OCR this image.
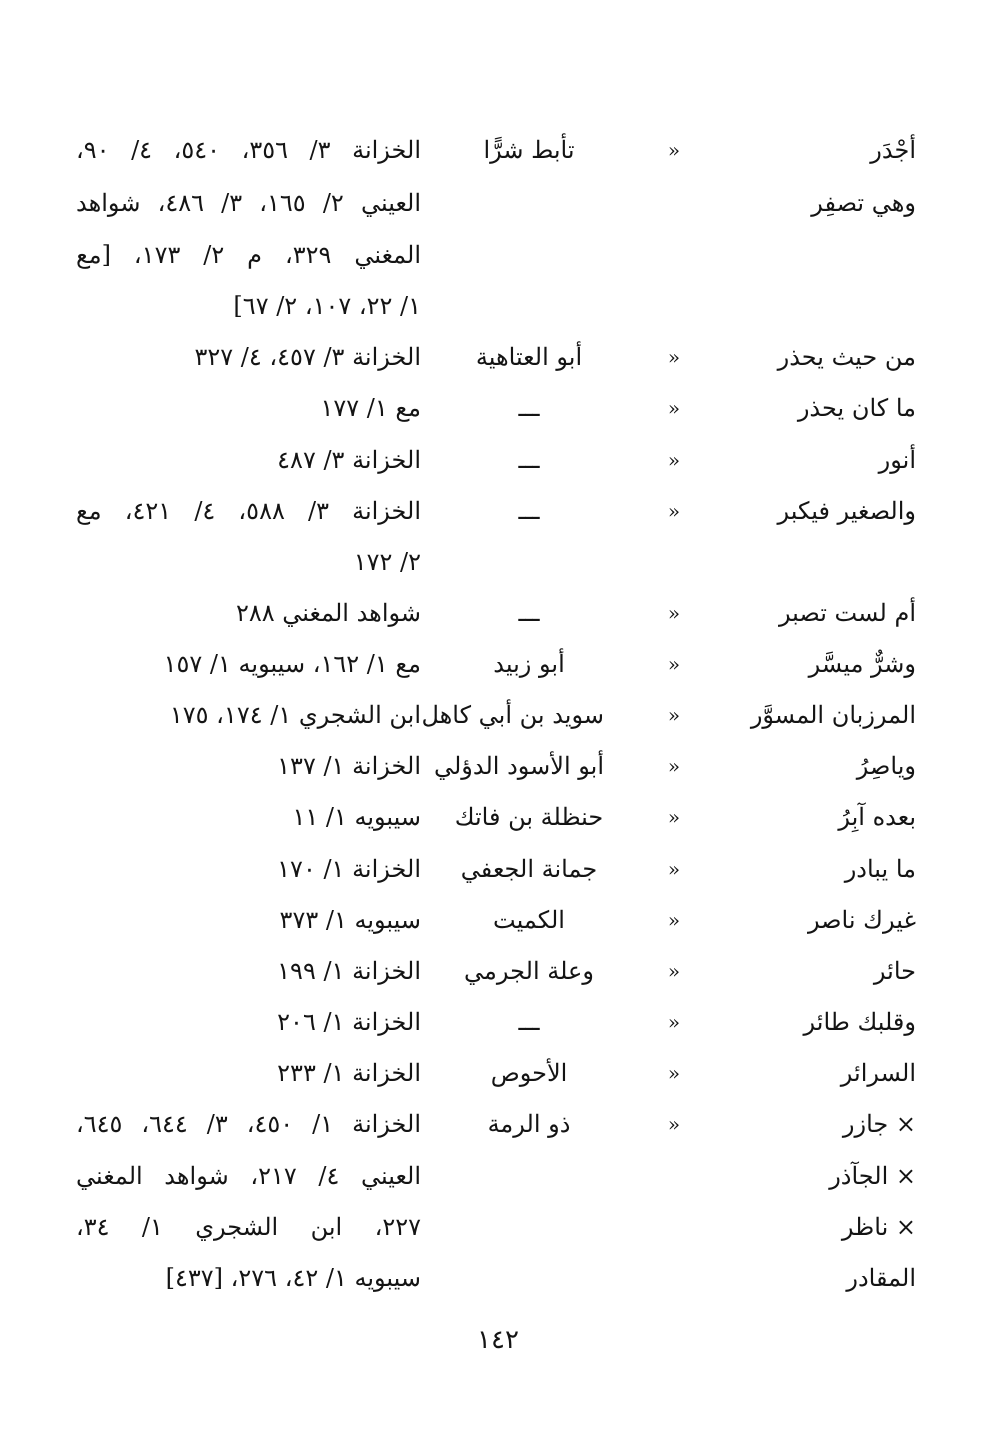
أجْدَر
«
تأبط شرًّا
الخزانة ٣/ ٣٥٦، ٥٤٠، ٤/ ٩٠،
وهي تصفِر
العيني ٢/ ١٦٥، ٣/ ٤٨٦، شواهد
المغني ٣٢٩، م ٢/ ١٧٣، [مع
١/ ٢٢، ١٠٧، ٢/ ٦٧]
من حيث يحذر
«
أبو العتاهية
الخزانة ٣/ ٤٥٧، ٤/ ٣٢٧
ما كان يحذر
«
ـــ
مع ١/ ١٧٧
أنور
«
ـــ
الخزانة ٣/ ٤٨٧
والصغير فيكبر
«
ـــ
الخزانة ٣/ ٥٨٨، ٤/ ٤٢١، مع
٢/ ١٧٢
أم لست تصبر
«
ـــ
شواهد المغني ٢٨٨
وشرٌّ ميسَّر
«
أبو زبيد
مع ١/ ١٦٢، سيبويه ١/ ١٥٧
المرزبان المسوَّر
«
سويد بن أبي كاهل
ابن الشجري ١/ ١٧٤، ١٧٥
وياصِرُ
«
أبو الأسود الدؤلي
الخزانة ١/ ١٣٧
بعده آبِرُ
«
حنظلة بن فاتك
سيبويه ١/ ١١
ما يبادر
«
جمانة الجعفي
الخزانة ١/ ١٧٠
غيرك ناصر
«
الكميت
سيبويه ١/ ٣٧٣
حائر
«
وعلة الجرمي
الخزانة ١/ ١٩٩
وقلبك طائر
«
ـــ
الخزانة ١/ ٢٠٦
السرائر
«
الأحوص
الخزانة ١/ ٢٣٣
× جازر
«
ذو الرمة
الخزانة ١/ ٤٥٠، ٣/ ٦٤٤، ٦٤٥،
× الجآذر
العيني ٤/ ٢١٧، شواهد المغني
× ناظر
٢٢٧، ابن الشجري ١/ ٣٤،
المقادر
سيبويه ١/ ٤٢، ٢٧٦، [٤٣٧]
١٤٢
